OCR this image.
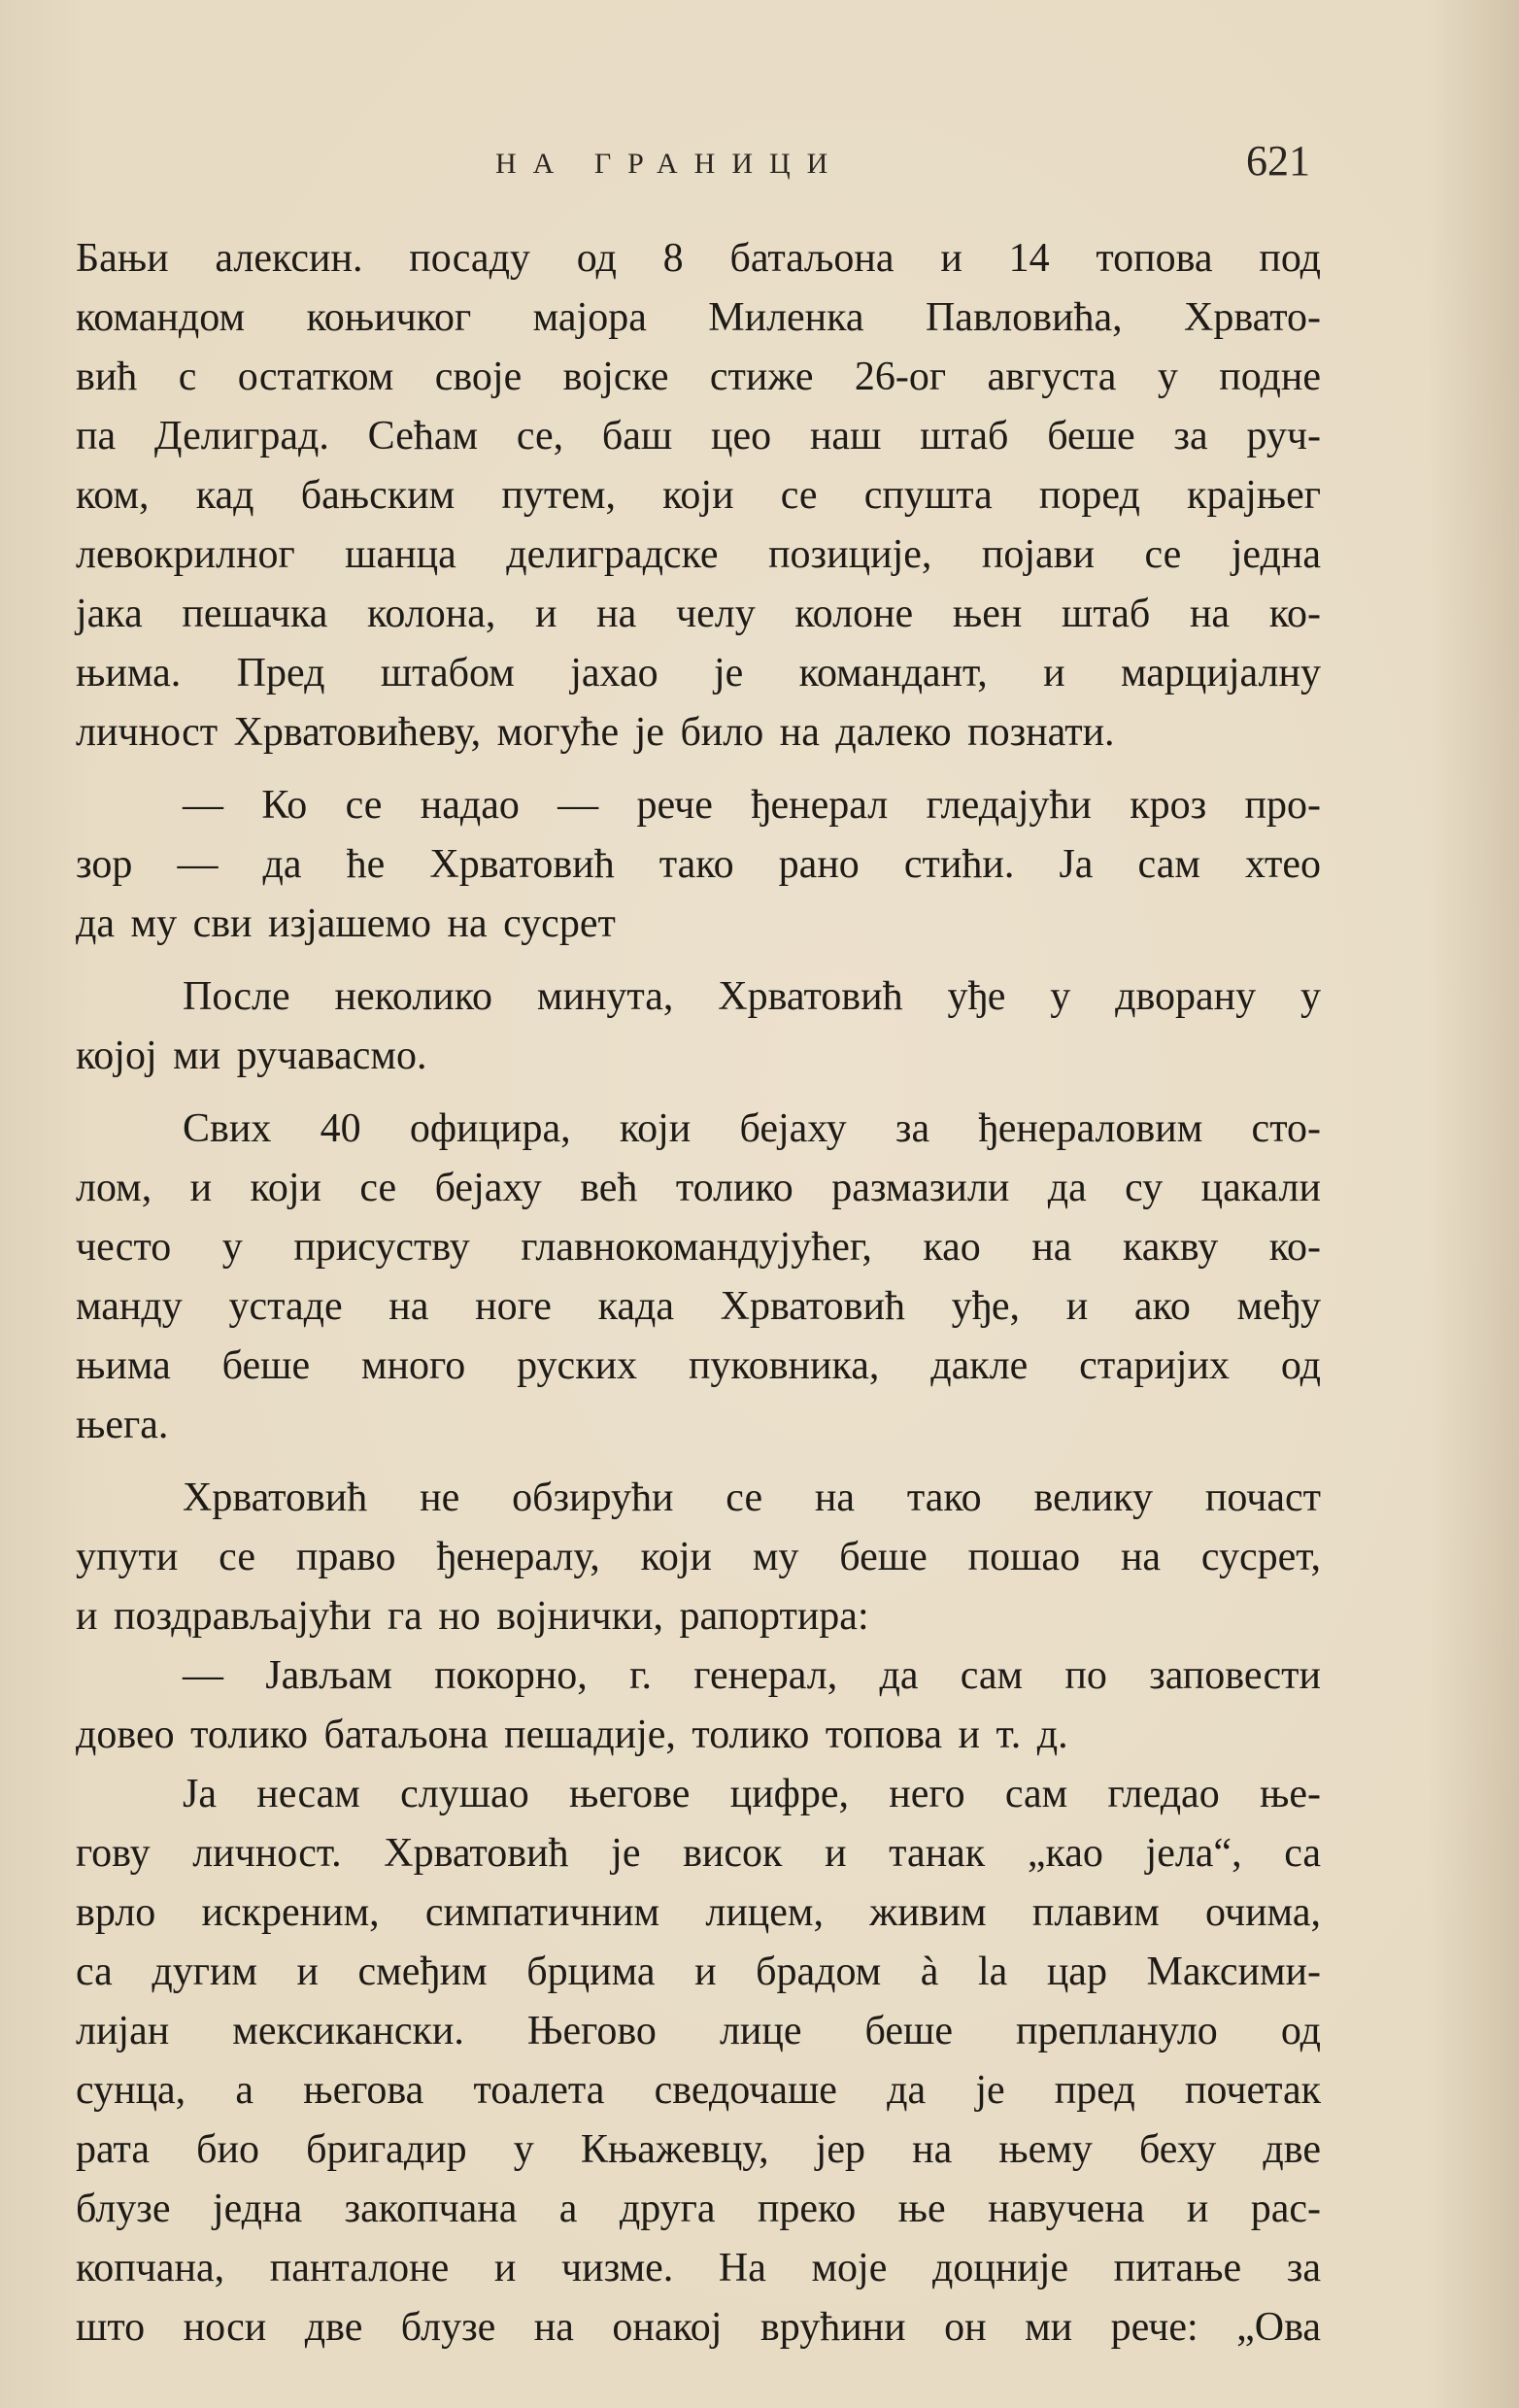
НА ГРАНИЦИ	621
Бањи алексин. посаду од 8 батаљона и 14 топова под
командом коњичког мајора Миленка Павловића, Хрвато-
вић с остатком своје војске стиже 26-ог августа у подне
па Делиград. Сећам се, баш цео наш штаб беше за руч-
ком, кад бањским путем, који се спушта поред крајњег
левокрилног шанца делиградске позиције, појави се једна
јака пешачка колона, и на челу колоне њен штаб на ко-
њима. Пред штабом јахао је командант, и марцијалну
личност Хрватовићеву, могуће је било на далеко познати.
— Ко се надао — рече ђенерал гледајући кроз про-
зор — да ће Хрватовић тако рано стићи. Ја сам хтео
да му сви изјашемо на сусрет
После неколико минута, Хрватовић уђе у дворану у
којој ми ручавасмо.
Свих 40 официра, који бејаху за ђенераловим сто-
лом, и који се бејаху већ толико размазили да су цакали
често у присуству главнокомандујућег, као на какву ко-
манду устаде на ноге када Хрватовић уђе, и ако међу
њима беше много руских пуковника, дакле старијих од
њега.
Хрватовић не обзирући се на тако велику почаст
упути се право ђенералу, који му беше пошао на сусрет,
и поздрављајући га но војнички, рапортира:
— Јављам покорно, г. генерал, да сам по заповести
довео толико батаљона пешадије, толико топова и т. д.
Ја несам слушао његове цифре, него сам гледао ње-
гову личност. Хрватовић је висок и танак „као јела“, са
врло искреним, симпатичним лицем, живим плавим очима,
са дугим и смеђим брцима и брадом à la цар Максими-
лијан мексикански. Његово лице беше преплануло од
сунца, а његова тоалета сведочаше да је пред почетак
рата био бригадир у Књажевцу, јер на њему беху две
блузе једна закопчана а друга преко ње навучена и рас-
копчана, панталоне и чизме. На моје доцније питање за
што носи две блузе на онакој врућини он ми рече: „Ова
